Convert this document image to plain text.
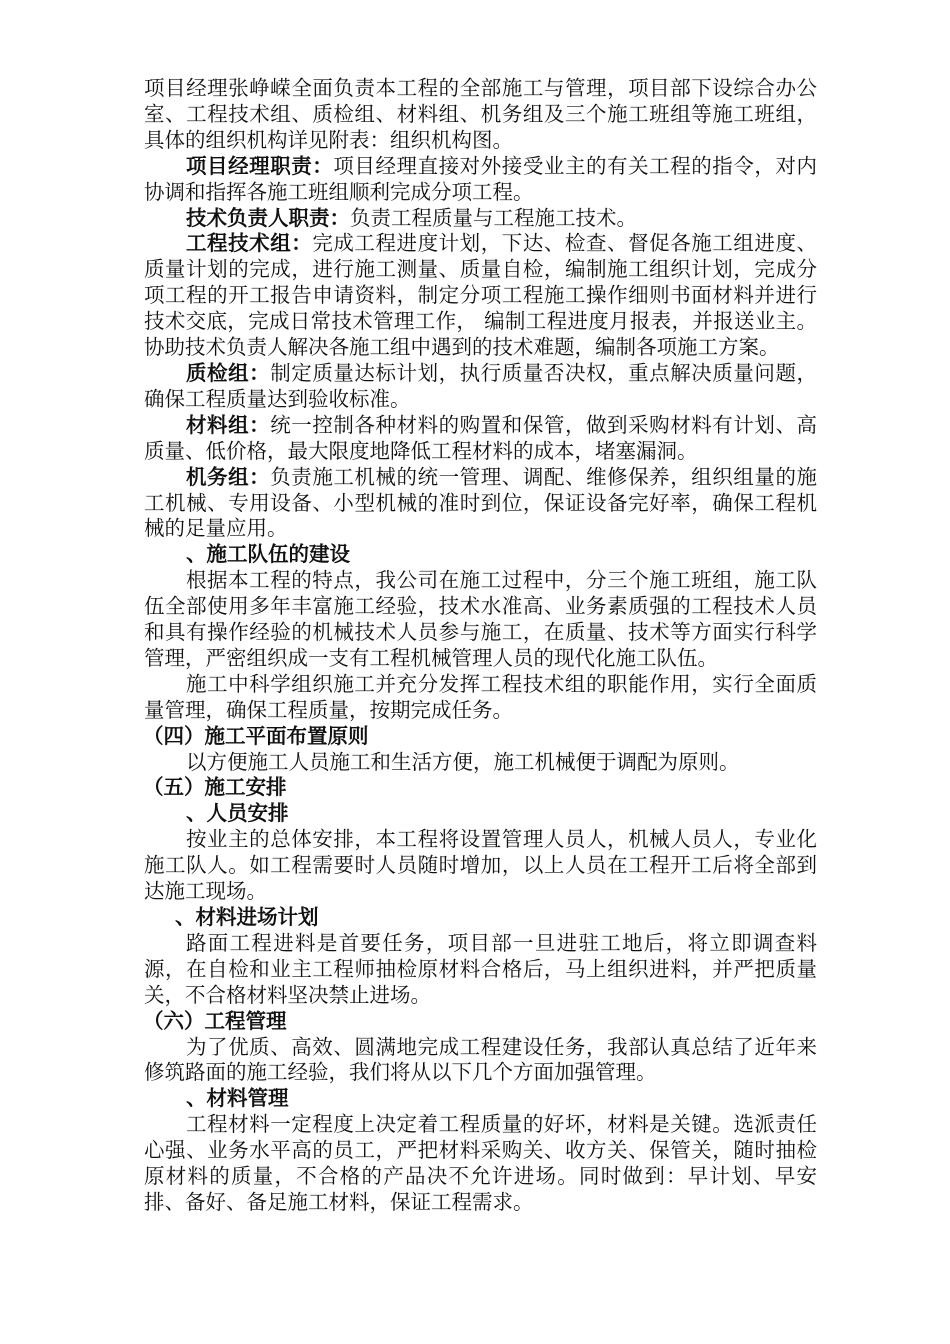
项目经理张峥嵘全面负责本工程的全部施工与管理，项目部下设综合办公室、工程技术组、质检组、材料组、机务组及三个施工班组等施工班组，具体的组织机构详见附表：组织机构图。

项目经理职责：项目经理直接对外接受业主的有关工程的指令，对内协调和指挥各施工班组顺利完成分项工程。

技术负责人职责：负责工程质量与工程施工技术。

工程技术组：完成工程进度计划，下达、检查、督促各施工组进度、质量计划的完成，进行施工测量、质量自检，编制施工组织计划，完成分项工程的开工报告申请资料，制定分项工程施工操作细则书面材料并进行技术交底，完成日常技术管理工作， 编制工程进度月报表，并报送业主。协助技术负责人解决各施工组中遇到的技术难题，编制各项施工方案。

质检组：制定质量达标计划，执行质量否决权，重点解决质量问题，确保工程质量达到验收标准。

材料组：统一控制各种材料的购置和保管，做到采购材料有计划、高质量、低价格，最大限度地降低工程材料的成本，堵塞漏洞。

机务组：负责施工机械的统一管理、调配、维修保养，组织组量的施工机械、专用设备、小型机械的准时到位，保证设备完好率，确保工程机械的足量应用。

、施工队伍的建设

根据本工程的特点，我公司在施工过程中，分三个施工班组，施工队伍全部使用多年丰富施工经验，技术水准高、业务素质强的工程技术人员和具有操作经验的机械技术人员参与施工，在质量、技术等方面实行科学管理，严密组织成一支有工程机械管理人员的现代化施工队伍。

施工中科学组织施工并充分发挥工程技术组的职能作用，实行全面质量管理，确保工程质量，按期完成任务。

（四）施工平面布置原则

以方便施工人员施工和生活方便，施工机械便于调配为原则。

（五）施工安排

、人员安排

按业主的总体安排，本工程将设置管理人员人，机械人员人，专业化施工队人。如工程需要时人员随时增加，以上人员在工程开工后将全部到达施工现场。

、材料进场计划

路面工程进料是首要任务，项目部一旦进驻工地后，将立即调查料源，在自检和业主工程师抽检原材料合格后，马上组织进料，并严把质量关，不合格材料坚决禁止进场。

（六）工程管理

为了优质、高效、圆满地完成工程建设任务，我部认真总结了近年来修筑路面的施工经验，我们将从以下几个方面加强管理。

、材料管理

工程材料一定程度上决定着工程质量的好坏，材料是关键。选派责任心强、业务水平高的员工，严把材料采购关、收方关、保管关，随时抽检原材料的质量，不合格的产品决不允许进场。同时做到：早计划、早安排、备好、备足施工材料，保证工程需求。
